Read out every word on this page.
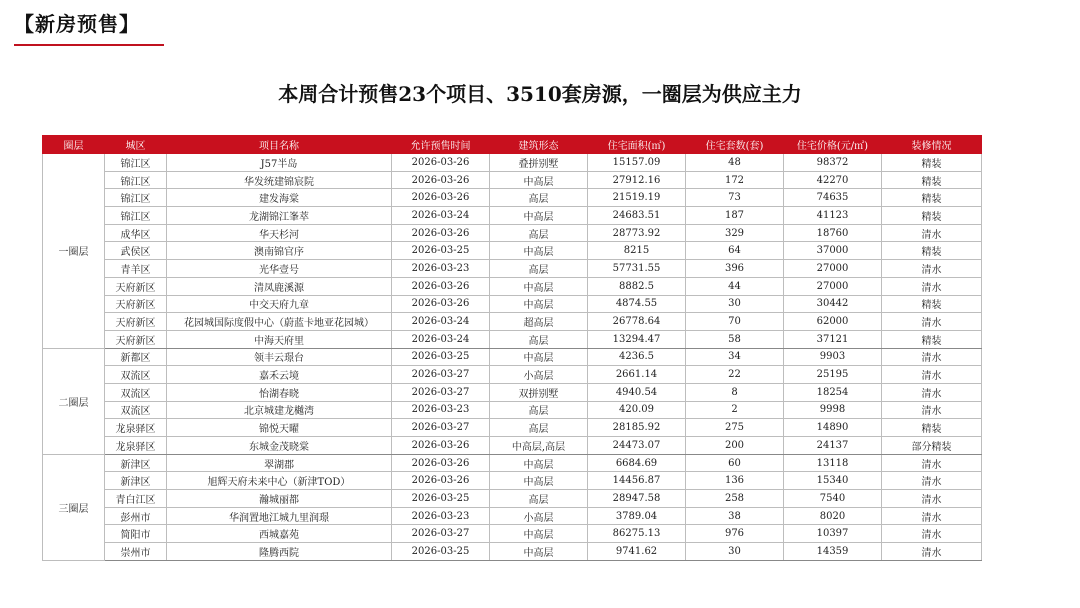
【新房预售】
本周合计预售23个项目、3510套房源，一圈层为供应主力
圈层	城区	项目名称	允许预售时间	建筑形态	住宅面积(㎡)	住宅套数(套)	住宅价格(元/㎡)	装修情况
一圈层	锦江区	J57半岛	2026-03-26	叠拼别墅	15157.09	48	98372	精装
	锦江区	华发统建锦宸院	2026-03-26	中高层	27912.16	172	42270	精装
	锦江区	建发海棠	2026-03-26	高层	21519.19	73	74635	精装
	锦江区	龙湖锦江峯萃	2026-03-24	中高层	24683.51	187	41123	精装
	成华区	华天杉河	2026-03-26	高层	28773.92	329	18760	清水
	武侯区	澳南锦官序	2026-03-25	中高层	8215	64	37000	精装
	青羊区	光华壹号	2026-03-23	高层	57731.55	396	27000	清水
	天府新区	清凤鹿溪源	2026-03-26	中高层	8882.5	44	27000	清水
	天府新区	中交天府九章	2026-03-26	中高层	4874.55	30	30442	精装
	天府新区	花园城国际度假中心（蔚蓝卡地亚花园城）	2026-03-24	超高层	26778.64	70	62000	清水
	天府新区	中海天府里	2026-03-24	高层	13294.47	58	37121	精装
二圈层	新都区	领丰云璟台	2026-03-25	中高层	4236.5	34	9903	清水
	双流区	嘉禾云境	2026-03-27	小高层	2661.14	22	25195	清水
	双流区	怡湖春晓	2026-03-27	双拼别墅	4940.54	8	18254	清水
	双流区	北京城建龙樾湾	2026-03-23	高层	420.09	2	9998	清水
	龙泉驿区	锦悦天曜	2026-03-27	高层	28185.92	275	14890	精装
	龙泉驿区	东城金茂晓棠	2026-03-26	中高层,高层	24473.07	200	24137	部分精装
三圈层	新津区	翠湖郡	2026-03-26	中高层	6684.69	60	13118	清水
	新津区	旭辉天府未来中心（新津TOD）	2026-03-26	中高层	14456.87	136	15340	清水
	青白江区	瀚城丽都	2026-03-25	高层	28947.58	258	7540	清水
	彭州市	华润置地江城九里润璟	2026-03-23	小高层	3789.04	38	8020	清水
	简阳市	西城嘉苑	2026-03-27	中高层	86275.13	976	10397	清水
	崇州市	隆腾西院	2026-03-25	中高层	9741.62	30	14359	清水
